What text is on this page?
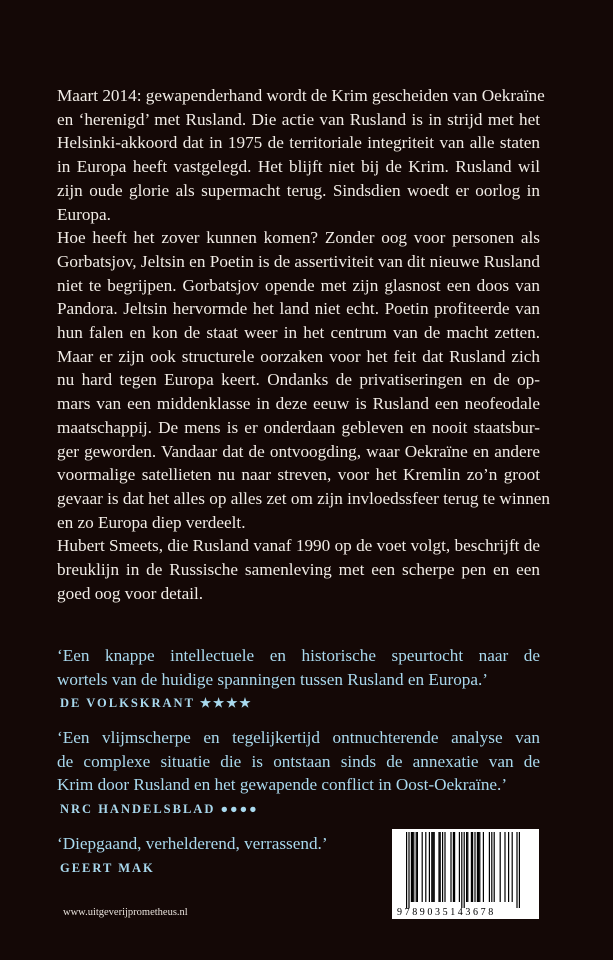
Maart 2014: gewapenderhand wordt de Krim gescheiden van Oekraïne
en ‘herenigd’ met Rusland. Die actie van Rusland is in strijd met het
Helsinki-akkoord dat in 1975 de territoriale integriteit van alle staten
in Europa heeft vastgelegd. Het blijft niet bij de Krim. Rusland wil
zijn oude glorie als supermacht terug. Sindsdien woedt er oorlog in
Europa.
Hoe heeft het zover kunnen komen? Zonder oog voor personen als
Gorbatsjov, Jeltsin en Poetin is de assertiviteit van dit nieuwe Rusland
niet te begrijpen. Gorbatsjov opende met zijn glasnost een doos van
Pandora. Jeltsin hervormde het land niet echt. Poetin profiteerde van
hun falen en kon de staat weer in het centrum van de macht zetten.
Maar er zijn ook structurele oorzaken voor het feit dat Rusland zich
nu hard tegen Europa keert. Ondanks de privatiseringen en de op-
mars van een middenklasse in deze eeuw is Rusland een neofeodale
maatschappij. De mens is er onderdaan gebleven en nooit staatsbur-
ger geworden. Vandaar dat de ontvoogding, waar Oekraïne en andere
voormalige satellieten nu naar streven, voor het Kremlin zo’n groot
gevaar is dat het alles op alles zet om zijn invloedssfeer terug te winnen
en zo Europa diep verdeelt.
Hubert Smeets, die Rusland vanaf 1990 op de voet volgt, beschrijft de
breuklijn in de Russische samenleving met een scherpe pen en een
goed oog voor detail.
‘Een knappe intellectuele en historische speurtocht naar de
wortels van de huidige spanningen tussen Rusland en Europa.’
DE VOLKSKRANT ★★★★
‘Een vlijmscherpe en tegelijkertijd ontnuchterende analyse van
de complexe situatie die is ontstaan sinds de annexatie van de
Krim door Rusland en het gewapende conflict in Oost-Oekraïne.’
NRC HANDELSBLAD ●●●●
‘Diepgaand, verhelderend, verrassend.’
GEERT MAK
www.uitgeverijprometheus.nl	9789035143678
